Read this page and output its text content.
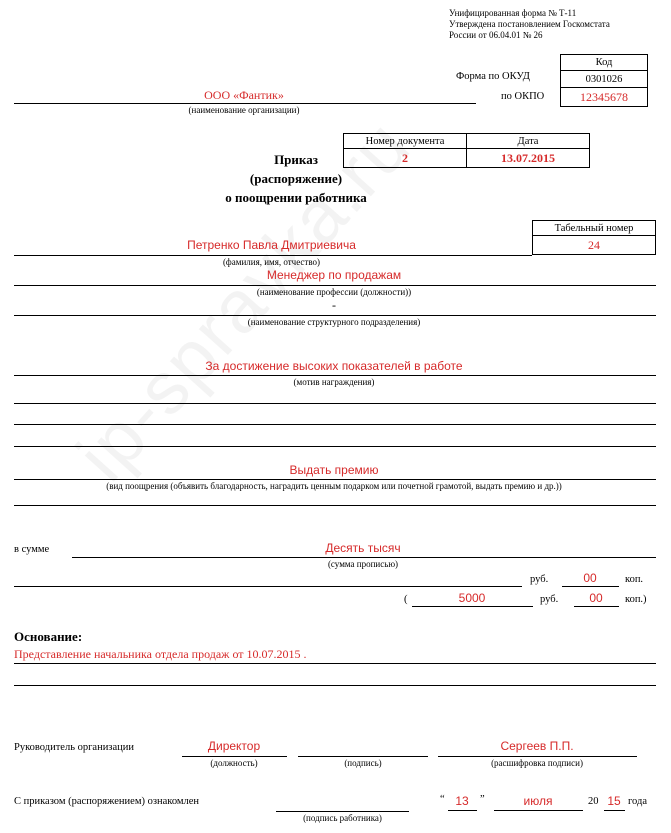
Унифицированная форма № Т-11
Утверждена постановлением Госкомстата
России от 06.04.01 № 26
Код
0301026
12345678
Форма по ОКУД
по ОКПО
ООО «Фантик»
(наименование организации)
Номер документа	Дата
2	13.07.2015
Приказ
(распоряжение)
о поощрении работника
Табельный номер
24
Петренко Павла Дмитриевича
(фамилия, имя, отчество)
Менеджер по продажам
(наименование профессии (должности))
-
(наименование структурного подразделения)
За достижение высоких показателей в работе
(мотив награждения)
Выдать премию
(вид поощрения (объявить благодарность, наградить ценным подарком или почетной грамотой, выдать премию и др.))
в сумме	Десять тысяч
(сумма прописью)
руб.	00	коп.
(	5000	руб.	00	коп.)
Основание:
Представление начальника отдела продаж от 10.07.2015 .
Руководитель организации	Директор
(должность)	(подпись)
Сергеев П.П.
(расшифровка подписи)
С приказом (распоряжением) ознакомлен
(подпись работника)
“ 13	”	июля	20 15 года
